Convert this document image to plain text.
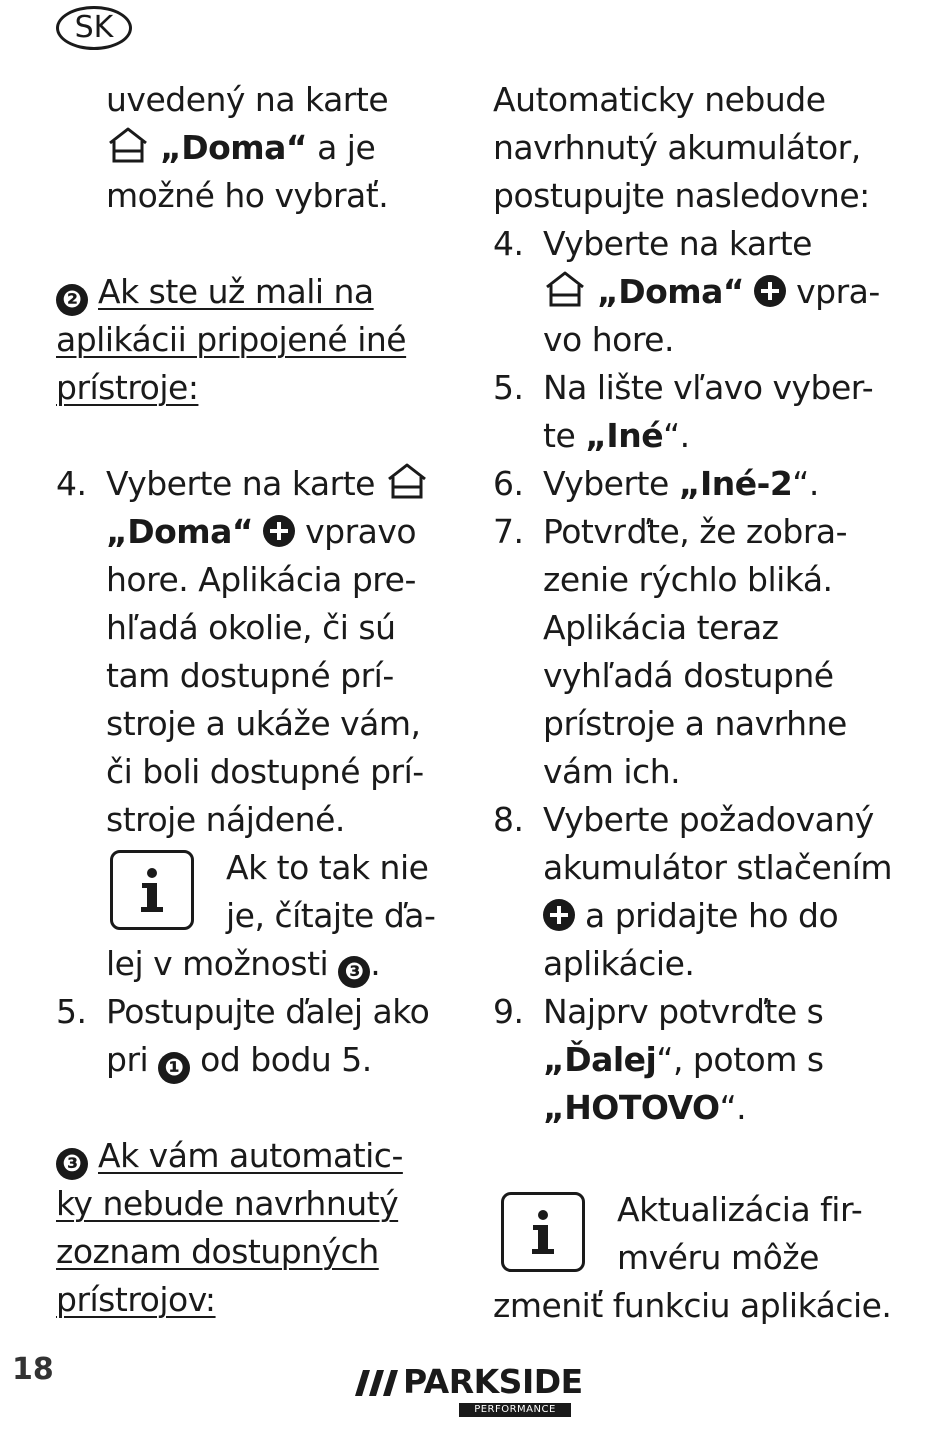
SK
uvedený na karte
„Doma“ a je
možné ho vybrať.
❷ Ak ste už mali na
aplikácii pripojené iné
prístroje:
4. Vyberte na karte
„Doma“  vpravo
hore. Aplikácia pre-
hľadá okolie, či sú
tam dostupné prí-
stroje a ukáže vám,
či boli dostupné prí-
stroje nájdené.
Ak to tak nie
je, čítajte ďa-
lej v možnosti ❸ .
5. Postupujte ďalej ako
pri ❶ od bodu 5.
❸ Ak vám automatic-
ky nebude navrhnutý
zoznam dostupných
prístrojov:
Automaticky nebude
navrhnutý akumulátor,
postupujte nasledovne:
4. Vyberte na karte
„Doma“  vpra-
vo hore.
5. Na lište vľavo vyber-
te „Iné“.
6. Vyberte „Iné-2“.
7. Potvrďte, že zobra-
zenie rýchlo bliká.
Aplikácia teraz
vyhľadá dostupné
prístroje a navrhne
vám ich.
8. Vyberte požadovaný
akumulátor stlačením
a pridajte ho do
aplikácie.
9. Najprv potvrďte s
„Ďalej“, potom s
„HOTOVO“.
Aktualizácia fir-
mvéru môže
zmeniť funkciu aplikácie.
18	PARKSIDE
PERFORMANCE
